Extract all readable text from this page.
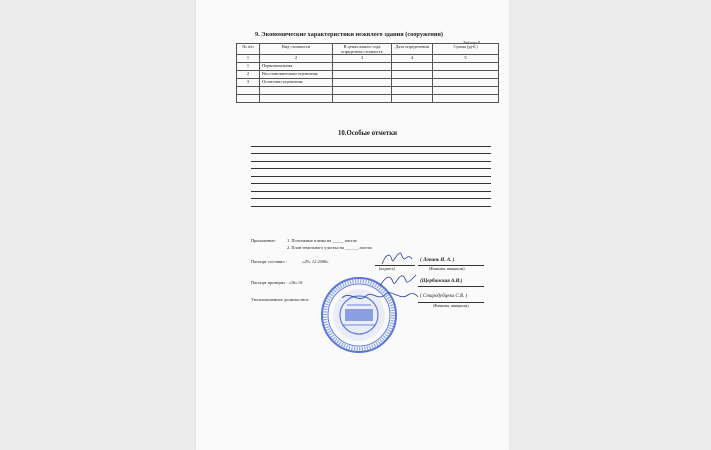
9. Экономические характеристики нежилого здания (сооружения)
Таблица 9
№ п/п	Вид стоимости	В ценах какого года определена стоимость	Дата определения	Сумма (руб.)
1	2	3	4	5
1	Первоначальная			
2	Восстановительно-оценочная			
3	Остаточно-оценочная			

10.Особые отметки
Приложение:	1. Поэтажные планы на _____ листах
2. План земельного участка на ______ листах
Паспорт составил :	«29» 12 2008г.
(подпись)
( Лопань И. А. )
(Фамилия, инициалы)
Паспорт проверил : «16» 01	(Щербинская А.И.)
Уполномоченное должностное
( Стародубцева С.В. )
(Фамилия, инициалы)
